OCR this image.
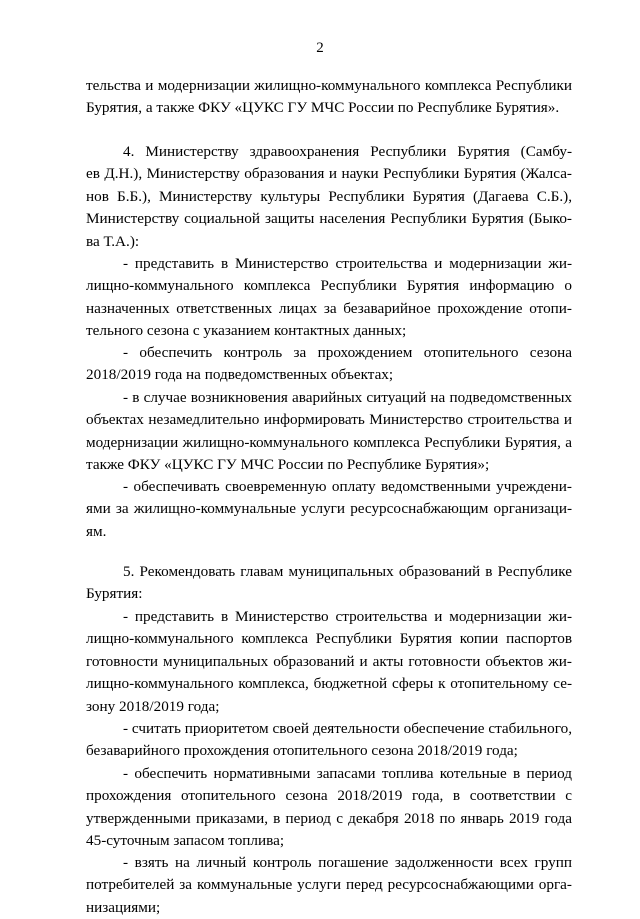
2
тельства и модернизации жилищно-коммунального комплекса Республики
Бурятия, а также ФКУ «ЦУКС ГУ МЧС России по Республике Бурятия».
4. Министерству здравоохранения Республики Бурятия (Самбу-
ев Д.Н.), Министерству образования и науки Республики Бурятия (Жалса-
нов Б.Б.), Министерству культуры Республики Бурятия (Дагаева С.Б.),
Министерству социальной защиты населения Республики Бурятия (Быко-
ва Т.А.):
- представить в Министерство строительства и модернизации жи-
лищно-коммунального комплекса Республики Бурятия информацию о
назначенных ответственных лицах за безаварийное прохождение отопи-
тельного сезона с указанием контактных данных;
- обеспечить контроль за прохождением отопительного сезона
2018/2019 года на подведомственных объектах;
- в случае возникновения аварийных ситуаций на подведомственных
объектах незамедлительно информировать Министерство строительства и
модернизации жилищно-коммунального комплекса Республики Бурятия, а
также ФКУ «ЦУКС ГУ МЧС России по Республике Бурятия»;
- обеспечивать своевременную оплату ведомственными учреждени-
ями за жилищно-коммунальные услуги ресурсоснабжающим организаци-
ям.
5. Рекомендовать главам муниципальных образований в Республике
Бурятия:
- представить в Министерство строительства и модернизации жи-
лищно-коммунального комплекса Республики Бурятия копии паспортов
готовности муниципальных образований и акты готовности объектов жи-
лищно-коммунального комплекса, бюджетной сферы к отопительному се-
зону 2018/2019 года;
- считать приоритетом своей деятельности обеспечение стабильного,
безаварийного прохождения отопительного сезона 2018/2019 года;
- обеспечить нормативными запасами топлива котельные в период
прохождения отопительного сезона 2018/2019 года, в соответствии с
утвержденными приказами, в период с декабря 2018 по январь 2019 года
45-суточным запасом топлива;
- взять на личный контроль погашение задолженности всех групп
потребителей за коммунальные услуги перед ресурсоснабжающими орга-
низациями;
